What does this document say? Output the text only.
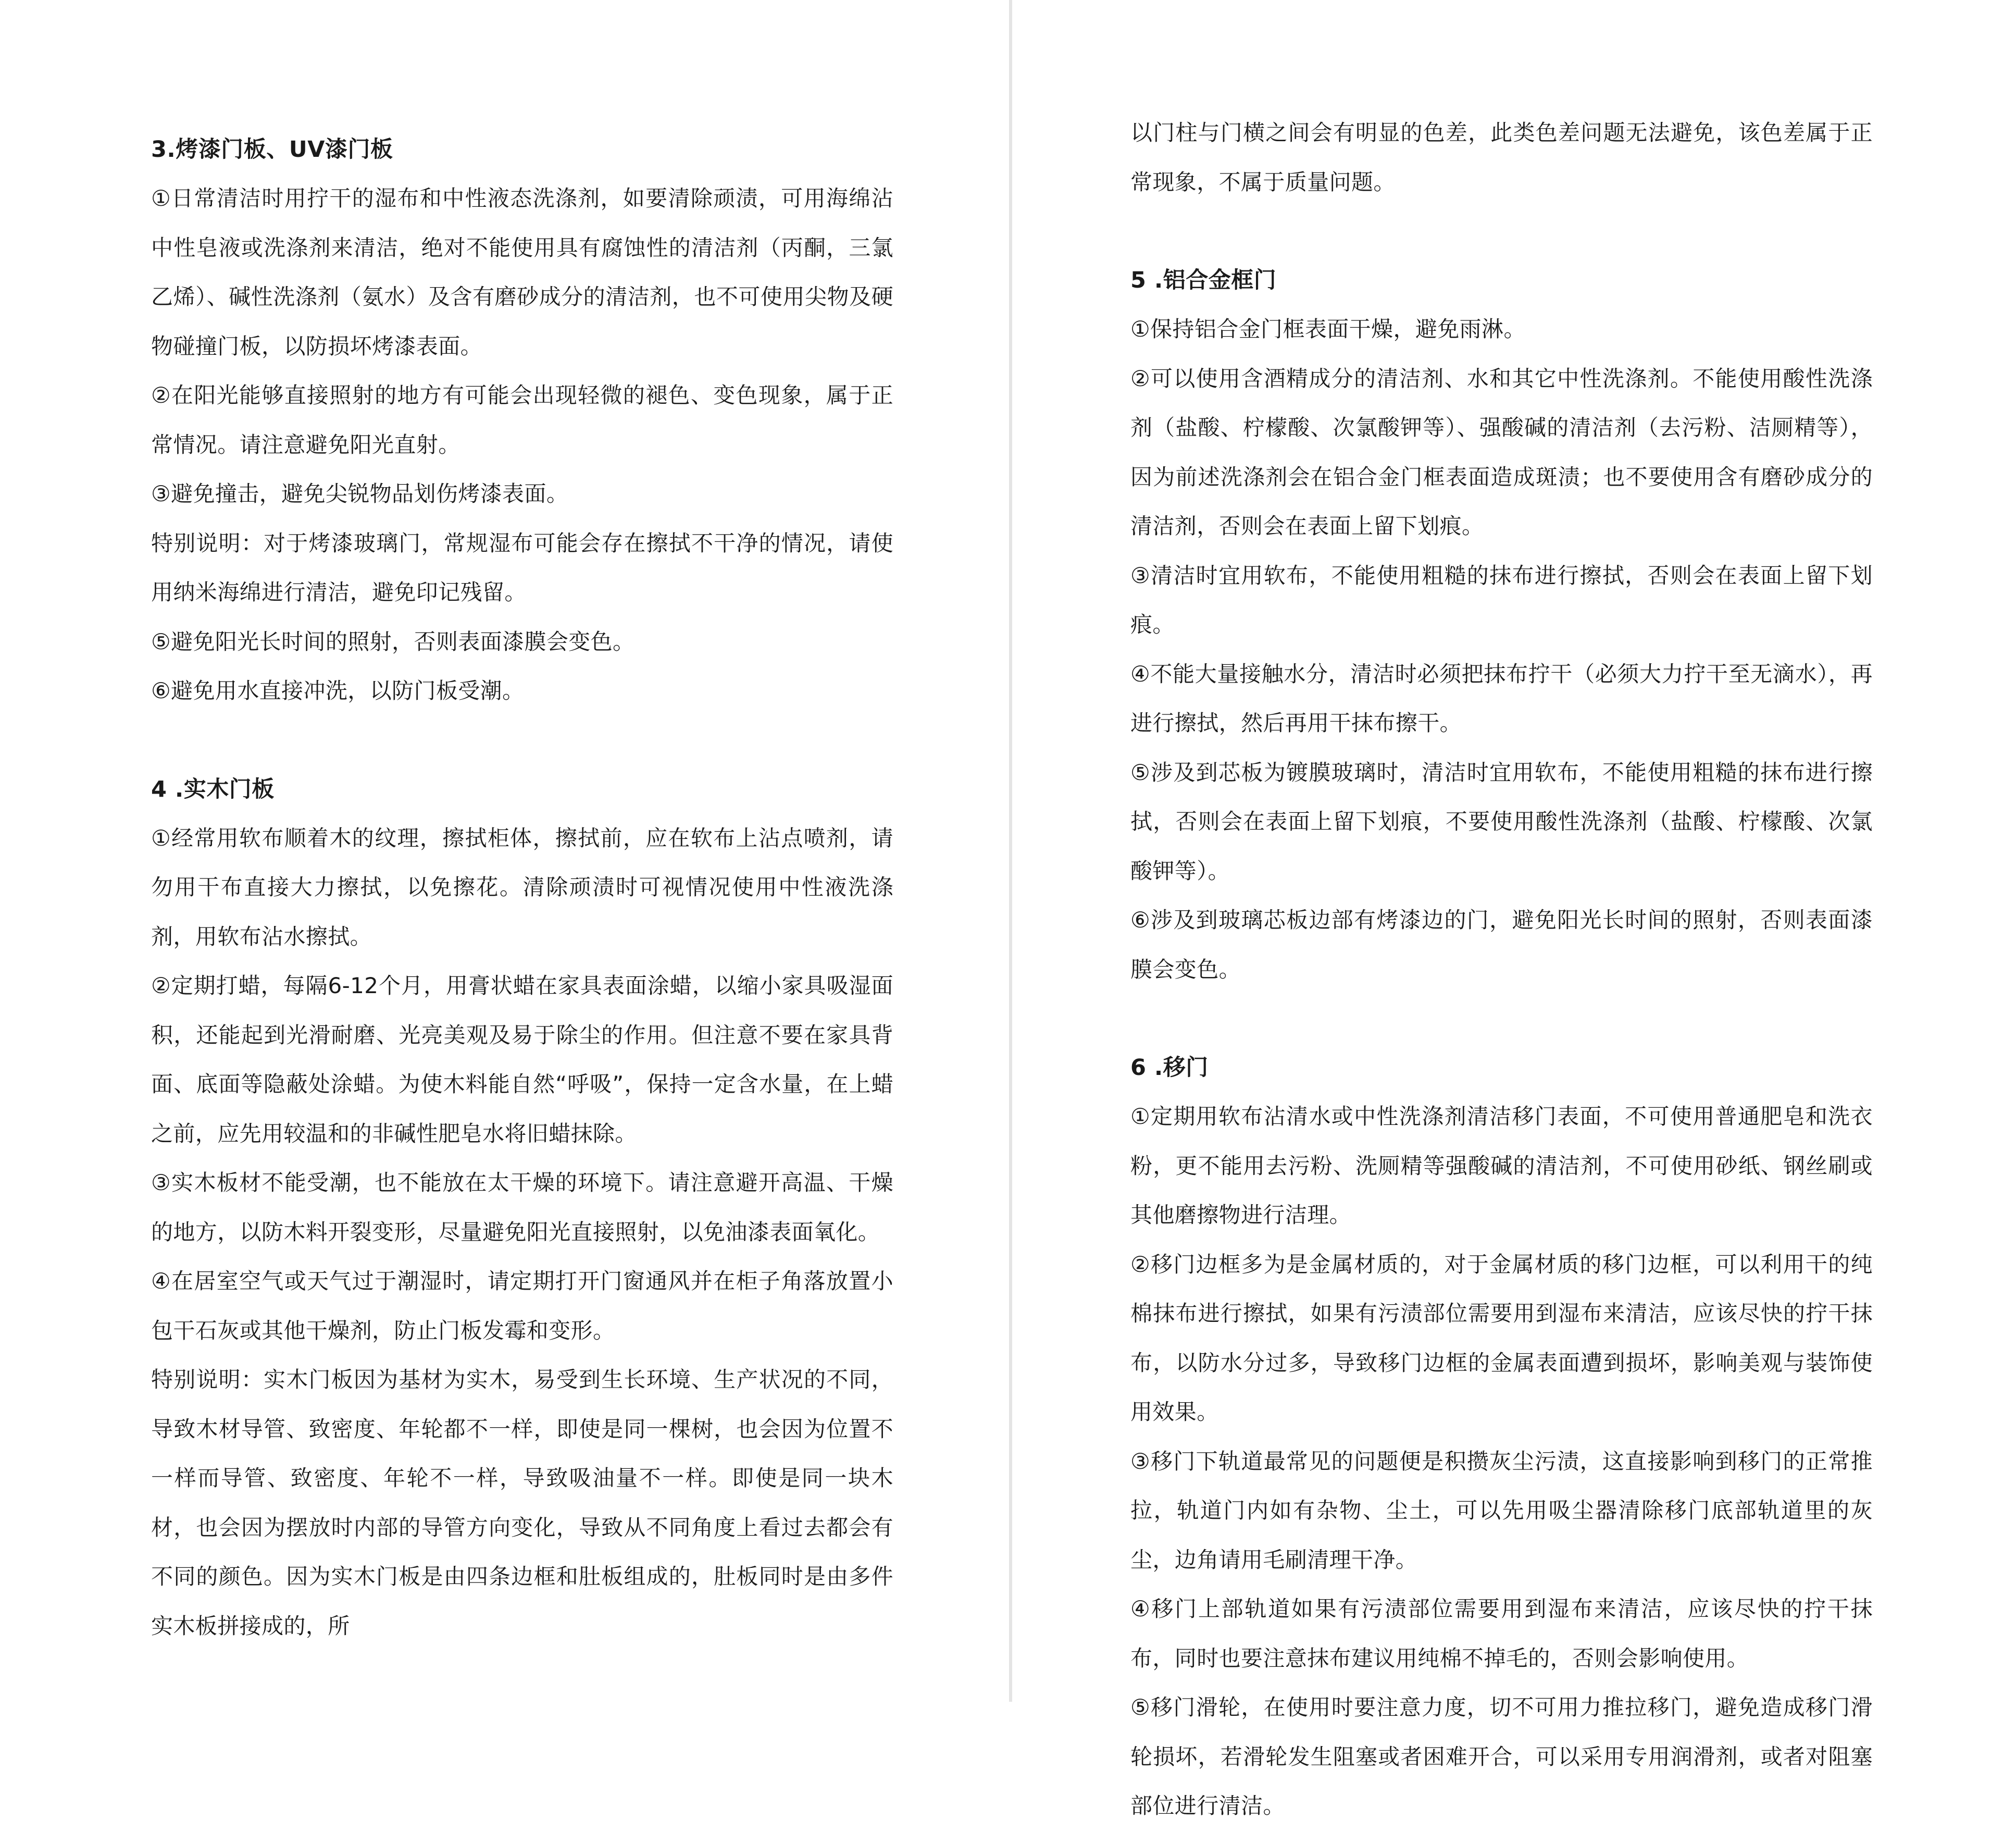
3.烤漆门板、UV漆门板

①日常清洁时用拧干的湿布和中性液态洗涤剂，如要清除顽渍，可用海绵沾中性皂液或洗涤剂来清洁，绝对不能使用具有腐蚀性的清洁剂（丙酮，三氯乙烯）、碱性洗涤剂（氨水）及含有磨砂成分的清洁剂，也不可使用尖物及硬物碰撞门板，以防损坏烤漆表面。

②在阳光能够直接照射的地方有可能会出现轻微的褪色、变色现象，属于正常情况。请注意避免阳光直射。

③避免撞击，避免尖锐物品划伤烤漆表面。

特别说明：对于烤漆玻璃门，常规湿布可能会存在擦拭不干净的情况，请使用纳米海绵进行清洁，避免印记残留。

⑤避免阳光长时间的照射，否则表面漆膜会变色。

⑥避免用水直接冲洗，以防门板受潮。

4 .实木门板

①经常用软布顺着木的纹理，擦拭柜体，擦拭前，应在软布上沾点喷剂，请勿用干布直接大力擦拭，以免擦花。清除顽渍时可视情况使用中性液洗涤剂，用软布沾水擦拭。

②定期打蜡，每隔6-12个月，用膏状蜡在家具表面涂蜡，以缩小家具吸湿面积，还能起到光滑耐磨、光亮美观及易于除尘的作用。但注意不要在家具背面、底面等隐蔽处涂蜡。为使木料能自然“呼吸”，保持一定含水量，在上蜡之前，应先用较温和的非碱性肥皂水将旧蜡抹除。

③实木板材不能受潮，也不能放在太干燥的环境下。请注意避开高温、干燥的地方，以防木料开裂变形，尽量避免阳光直接照射，以免油漆表面氧化。

④在居室空气或天气过于潮湿时，请定期打开门窗通风并在柜子角落放置小包干石灰或其他干燥剂，防止门板发霉和变形。

特别说明：实木门板因为基材为实木，易受到生长环境、生产状况的不同，导致木材导管、致密度、年轮都不一样，即使是同一棵树，也会因为位置不一样而导管、致密度、年轮不一样，导致吸油量不一样。即使是同一块木材，也会因为摆放时内部的导管方向变化，导致从不同角度上看过去都会有不同的颜色。因为实木门板是由四条边框和肚板组成的，肚板同时是由多件实木板拼接成的，所

以门柱与门横之间会有明显的色差，此类色差问题无法避免，该色差属于正常现象，不属于质量问题。

5 .铝合金框门

①保持铝合金门框表面干燥，避免雨淋。

②可以使用含酒精成分的清洁剂、水和其它中性洗涤剂。不能使用酸性洗涤剂（盐酸、柠檬酸、次氯酸钾等）、强酸碱的清洁剂（去污粉、洁厕精等），因为前述洗涤剂会在铝合金门框表面造成斑渍；也不要使用含有磨砂成分的清洁剂，否则会在表面上留下划痕。

③清洁时宜用软布，不能使用粗糙的抹布进行擦拭，否则会在表面上留下划痕。

④不能大量接触水分，清洁时必须把抹布拧干（必须大力拧干至无滴水），再进行擦拭，然后再用干抹布擦干。

⑤涉及到芯板为镀膜玻璃时，清洁时宜用软布，不能使用粗糙的抹布进行擦拭，否则会在表面上留下划痕，不要使用酸性洗涤剂（盐酸、柠檬酸、次氯酸钾等）。

⑥涉及到玻璃芯板边部有烤漆边的门，避免阳光长时间的照射，否则表面漆膜会变色。

6 .移门

①定期用软布沾清水或中性洗涤剂清洁移门表面，不可使用普通肥皂和洗衣粉，更不能用去污粉、洗厕精等强酸碱的清洁剂，不可使用砂纸、钢丝刷或其他磨擦物进行洁理。

②移门边框多为是金属材质的，对于金属材质的移门边框，可以利用干的纯棉抹布进行擦拭，如果有污渍部位需要用到湿布来清洁，应该尽快的拧干抹布，以防水分过多，导致移门边框的金属表面遭到损坏，影响美观与装饰使用效果。

③移门下轨道最常见的问题便是积攒灰尘污渍，这直接影响到移门的正常推拉，轨道门内如有杂物、尘土，可以先用吸尘器清除移门底部轨道里的灰尘，边角请用毛刷清理干净。

④移门上部轨道如果有污渍部位需要用到湿布来清洁，应该尽快的拧干抹布，同时也要注意抹布建议用纯棉不掉毛的，否则会影响使用。

⑤移门滑轮，在使用时要注意力度，切不可用力推拉移门，避免造成移门滑轮损坏，若滑轮发生阻塞或者困难开合，可以采用专用润滑剂，或者对阻塞部位进行清洁。
